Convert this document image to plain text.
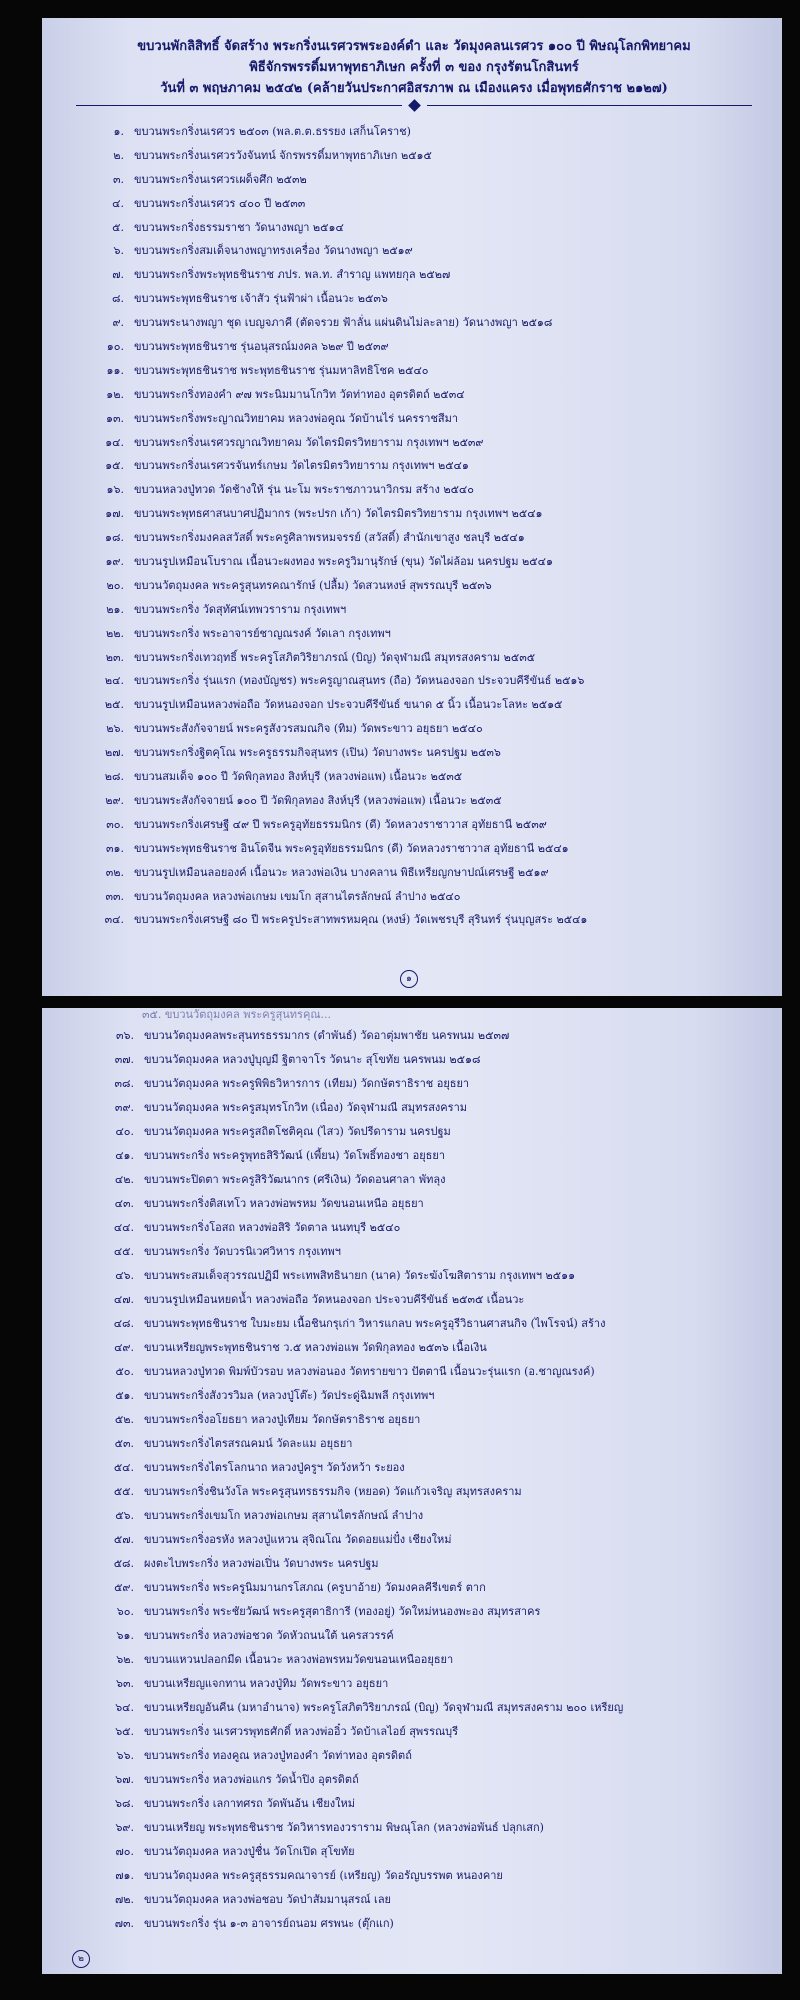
ขบวนพักลิสิทธิ์ จัดสร้าง พระกริ่งนเรศวรพระองค์ดำ และ วัดมุงคลนเรศวร ๑๐๐ ปี พิษณุโลกพิทยาคม
พิธีจักรพรรดิ์มหาพุทธาภิเษก ครั้งที่ ๓ ของ กรุงรัตนโกสินทร์
วันที่ ๓ พฤษภาคม ๒๕๔๒ (คล้ายวันประกาศอิสรภาพ ณ เมืองแครง เมื่อพุทธศักราช ๒๑๒๗)
๑. ขบวนพระกริ่งนเรศวร ๒๕๐๓ (พล.ต.ต.ธรรยง เสก็นโคราช)
๒. ขบวนพระกริ่งนเรศวรวังจันทน์ จักรพรรดิ์มหาพุทธาภิเษก ๒๕๑๕
๓. ขบวนพระกริ่งนเรศวรเผด็จศึก ๒๕๓๒
๔. ขบวนพระกริ่งนเรศวร ๔๐๐ ปี ๒๕๓๓
๕. ขบวนพระกริ่งธรรมราชา วัดนางพญา ๒๕๑๔
๖. ขบวนพระกริ่งสมเด็จนางพญาทรงเครื่อง วัดนางพญา ๒๕๑๙
๗. ขบวนพระกริ่งพระพุทธชินราช ภปร. พล.ท. สำราญ แพทยกุล ๒๕๒๗
๘. ขบวนพระพุทธชินราช เจ้าสัว รุ่นฟ้าผ่า เนื้อนวะ ๒๕๓๖
๙. ขบวนพระนางพญา ชุด เบญจภาคี (ตัดจรวย ฟ้าลั่น แผ่นดินไม่ละลาย) วัดนางพญา ๒๕๑๘
๑๐. ขบวนพระพุทธชินราช รุ่นอนุสรณ์มงคล ๖๒๙ ปี ๒๕๓๙
๑๑. ขบวนพระพุทธชินราช พระพุทธชินราช รุ่นมหาลิทธิโชค ๒๕๔๐
๑๒. ขบวนพระกริ่งทองคำ ๙๗ พระนิมมานโกวิท วัดท่าทอง อุตรดิตถ์ ๒๕๓๔
๑๓. ขบวนพระกริ่งพระญาณวิทยาคม หลวงพ่อคูณ วัดบ้านไร่ นครราชสีมา
๑๔. ขบวนพระกริ่งนเรศวรญาณวิทยาคม วัดไตรมิตรวิทยาราม กรุงเทพฯ ๒๕๓๙
๑๕. ขบวนพระกริ่งนเรศวรจันทร์เกษม วัดไตรมิตรวิทยาราม กรุงเทพฯ ๒๕๔๑
๑๖. ขบวนหลวงปู่ทวด วัดช้างให้ รุ่น นะโม พระราชภาวนาวิกรม สร้าง ๒๕๔๐
๑๗. ขบวนพระพุทธศาสนบาศปฏิมากร (พระปรก เก้า) วัดไตรมิตรวิทยาราม กรุงเทพฯ ๒๕๔๑
๑๘. ขบวนพระกริ่งมงคลสวัสดิ์ พระครูศิลาพรหมจรรย์ (สวัสดิ์) สำนักเขาสูง ชลบุรี ๒๕๔๑
๑๙. ขบวนรูปเหมือนโบราณ เนื้อนวะผงทอง พระครูวิมานุรักษ์ (ขุน) วัดไผ่ล้อม นครปฐม ๒๕๔๑
๒๐. ขบวนวัตถุมงคล พระครูสุนทรคณารักษ์ (ปลื้ม) วัดสวนหงษ์ สุพรรณบุรี ๒๕๓๖
๒๑. ขบวนพระกริ่ง วัดสุทัศน์เทพวราราม กรุงเทพฯ
๒๒. ขบวนพระกริ่ง พระอาจารย์ชาญณรงค์ วัดเลา กรุงเทพฯ
๒๓. ขบวนพระกริ่งเทวฤทธิ์ พระครูโสภิตวิริยาภรณ์ (บิญ) วัดจุฬามณี สมุทรสงคราม ๒๕๓๕
๒๔. ขบวนพระกริ่ง รุ่นแรก (ทองบัญชร) พระครูญาณสุนทร (ถือ) วัดหนองจอก ประจวบคีรีขันธ์ ๒๕๑๖
๒๕. ขบวนรูปเหมือนหลวงพ่อถือ วัดหนองจอก ประจวบคีรีขันธ์ ขนาด ๕ นิ้ว เนื้อนวะโลหะ ๒๕๑๕
๒๖. ขบวนพระสังกัจจายน์ พระครูสังวรสมณกิจ (ทิม) วัดพระขาว อยุธยา ๒๕๔๐
๒๗. ขบวนพระกริ่งฐิตคุโณ พระครูธรรมกิจสุนทร (เปิน) วัดบางพระ นครปฐม ๒๕๓๖
๒๘. ขบวนสมเด็จ ๑๐๐ ปี วัดพิกุลทอง สิงห์บุรี (หลวงพ่อแพ) เนื้อนวะ ๒๕๓๕
๒๙. ขบวนพระสังกัจจายน์ ๑๐๐ ปี วัดพิกุลทอง สิงห์บุรี (หลวงพ่อแพ) เนื้อนวะ ๒๕๓๕
๓๐. ขบวนพระกริ่งเศรษฐี ๔๙ ปี พระครูอุทัยธรรมนิกร (ดี) วัดหลวงราชาวาส อุทัยธานี ๒๕๓๙
๓๑. ขบวนพระพุทธชินราช อินโดจีน พระครูอุทัยธรรมนิกร (ดี) วัดหลวงราชาวาส อุทัยธานี ๒๕๔๑
๓๒. ขบวนรูปเหมือนลอยองค์ เนื้อนวะ หลวงพ่อเงิน บางคลาน พิธีเหรียญกษาปณ์เศรษฐี ๒๕๑๙
๓๓. ขบวนวัตถุมงคล หลวงพ่อเกษม เขมโก สุสานไตรลักษณ์ ลำปาง ๒๕๔๐
๓๔. ขบวนพระกริ่งเศรษฐี ๘๐ ปี พระครูประสาทพรหมคุณ (หงษ์) วัดเพชรบุรี สุรินทร์ รุ่นบุญสระ ๒๕๔๑
๑
๓๕. ขบวนวัตถุมงคล พระครูสุนทรคุณ...
๓๖. ขบวนวัตถุมงคลพระสุนทรธรรมากร (ดำพันธ์) วัดอาตุ่มพาชัย นครพนม ๒๕๓๗
๓๗. ขบวนวัตถุมงคล หลวงปู่บุญมี ฐิตาจาโร วัดนาะ สุโขทัย นครพนม ๒๕๑๘
๓๘. ขบวนวัตถุมงคล พระครูพิพิธวิหารการ (เทียม) วัดกษัตราธิราช อยุธยา
๓๙. ขบวนวัตถุมงคล พระครูสมุทรโกวิท (เนื่อง) วัดจุฬามณี สมุทรสงคราม
๔๐. ขบวนวัตถุมงคล พระครูสถิตโชติคุณ (ไสว) วัดปรีดาราม นครปฐม
๔๑. ขบวนพระกริ่ง พระครูพุทธสิริวัฒน์ (เพี้ยน) วัดโพธิ์ทองชา อยุธยา
๔๒. ขบวนพระปิดตา พระครูสิริวัฒนากร (ศรีเงิน) วัดดอนศาลา พัทลุง
๔๓. ขบวนพระกริ่งติสเทโว หลวงพ่อพรหม วัดขนอนเหนือ อยุธยา
๔๔. ขบวนพระกริ่งโอสถ หลวงพ่อสิริ วัดตาล นนทบุรี ๒๕๔๐
๔๕. ขบวนพระกริ่ง วัดบวรนิเวศวิหาร กรุงเทพฯ
๔๖. ขบวนพระสมเด็จสุวรรณปฏิมี พระเทพสิทธินายก (นาค) วัดระฆังโฆสิตาราม กรุงเทพฯ ๒๕๑๑
๔๗. ขบวนรูปเหมือนหยดน้ำ หลวงพ่อถือ วัดหนองจอก ประจวบคีรีขันธ์ ๒๕๓๕ เนื้อนวะ
๔๘. ขบวนพระพุทธชินราช ใบมะยม เนื้อชินกรุเก่า วิหารแกลบ พระครูอุรีวิธานศาสนกิจ (ไพโรจน์) สร้าง
๔๙. ขบวนเหรียญพระพุทธชินราช ว.๕ หลวงพ่อแพ วัดพิกุลทอง ๒๕๓๖ เนื้อเงิน
๕๐. ขบวนหลวงปู่ทวด พิมพ์บัวรอบ หลวงพ่อนอง วัดทรายขาว ปัตตานี เนื้อนวะรุ่นแรก (อ.ชาญณรงค์)
๕๑. ขบวนพระกริ่งสังวรวิมล (หลวงปู่โต๊ะ) วัดประดู่ฉิมพลี กรุงเทพฯ
๕๒. ขบวนพระกริ่งอโยธยา หลวงปู่เทียม วัดกษัตราธิราช อยุธยา
๕๓. ขบวนพระกริ่งไตรสรณคมน์ วัดละแม อยุธยา
๕๔. ขบวนพระกริ่งไตรโลกนาถ หลวงปู่ครูฯ วัดวังหว้า ระยอง
๕๕. ขบวนพระกริ่งชินวังโล พระครูสุนทรธรรมกิจ (หยอด) วัดแก้วเจริญ สมุทรสงคราม
๕๖. ขบวนพระกริ่งเขมโก หลวงพ่อเกษม สุสานไตรลักษณ์ ลำปาง
๕๗. ขบวนพระกริ่งอรหัง หลวงปู่แหวน สุจิณโณ วัดดอยแม่ปั๋ง เชียงใหม่
๕๘. ผงตะไบพระกริ่ง หลวงพ่อเปิ่น วัดบางพระ นครปฐม
๕๙. ขบวนพระกริ่ง พระครูนิมมานกรโสภณ (ครูบาอ้าย) วัดมงคลคีรีเขตร์ ตาก
๖๐. ขบวนพระกริ่ง พระชัยวัฒน์ พระครูสุตาธิการี (ทองอยู่) วัดใหม่หนองพะอง สมุทรสาคร
๖๑. ขบวนพระกริ่ง หลวงพ่อชวด วัดหัวถนนใต้ นครสวรรค์
๖๒. ขบวนแหวนปลอกมีด เนื้อนวะ หลวงพ่อพรหมวัดขนอนเหนืออยุธยา
๖๓. ขบวนเหรียญแจกทาน หลวงปู่ทิม วัดพระขาว อยุธยา
๖๔. ขบวนเหรียญอันคีน (มหาอำนาจ) พระครูโสภิตวิริยาภรณ์ (บิญ) วัดจุฬามณี สมุทรสงคราม ๒๐๐ เหรียญ
๖๕. ขบวนพระกริ่ง นเรศวรพุทธศักดิ์ หลวงพ่ออิ๋ว วัดบ้าเลไอย์ สุพรรณบุรี
๖๖. ขบวนพระกริ่ง ทองคูณ หลวงปู่ทองคำ วัดท่าทอง อุตรดิตถ์
๖๗. ขบวนพระกริ่ง หลวงพ่อแกร วัดน้ำปิง อุตรดิตถ์
๖๘. ขบวนพระกริ่ง เลกาทศรถ วัดพันอ้น เชียงใหม่
๖๙. ขบวนเหรียญ พระพุทธชินราช วัดวิหารทองวราราม พิษณุโลก (หลวงพ่อพันธ์ ปลุกเสก)
๗๐. ขบวนวัตถุมงคล หลวงปู่ชื่น วัดโกเปิด สุโขทัย
๗๑. ขบวนวัตถุมงคล พระครูสุธรรมคณาจารย์ (เหรียญ) วัดอรัญบรรพต หนองคาย
๗๒. ขบวนวัตถุมงคล หลวงพ่อชอบ วัดป่าสัมมานุสรณ์ เลย
๗๓. ขบวนพระกริ่ง รุ่น ๑-๓ อาจารย์ถนอม ศรพนะ (ตุ๊กแก)
๒
